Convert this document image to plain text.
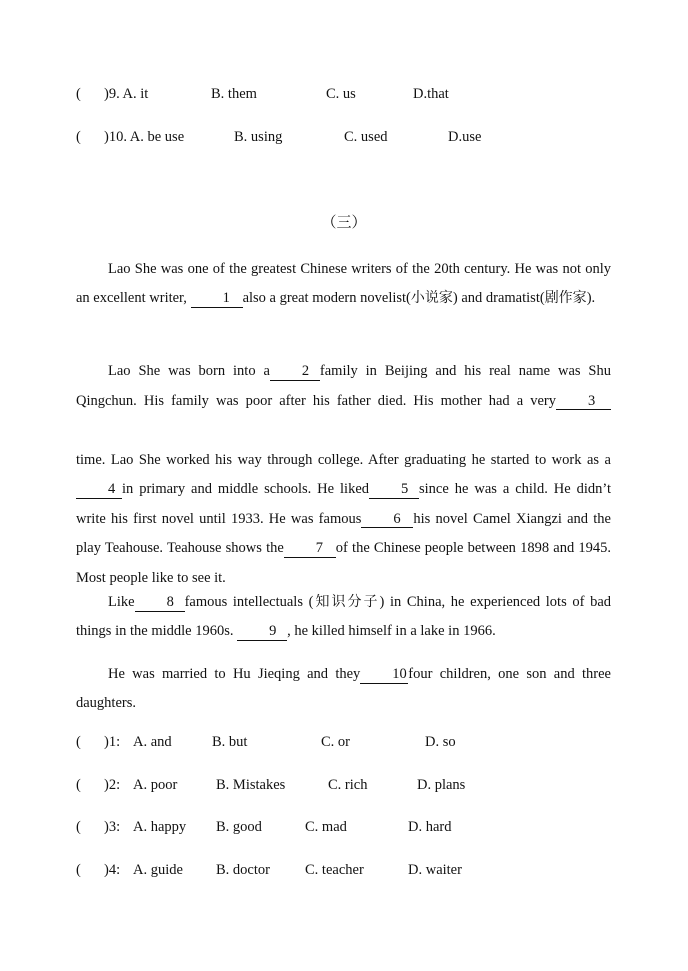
( )9. A. it	B. them	C. us	D.that
( )10. A. be use	B. using	C. used	D.use
（三）

Lao She was one of the greatest Chinese writers of the 20th century. He was not only an excellent writer, 1 also a great modern novelist(小说家) and dramatist(剧作家).

Lao She was born into a 2 family in Beijing and his real name was Shu Qingchun. His family was poor after his father died. His mother had a very 3time. Lao She worked his way through college. After graduating he started to work as a4 in primary and middle schools. He liked 5 since he was a child. He didn’t write his first novel until 1933. He was famous 6 his novel Camel Xiangzi and the play Teahouse. Teahouse shows the 7 of the Chinese people between 1898 and 1945. Most people like to see it.

Like 8 famous intellectuals (知识分子) in China, he experienced lots of bad things in the middle 1960s. 9 , he killed himself in a lake in 1966.

He was married to Hu Jieqing and they 10 four children, one son and three daughters.

( )1: A. and	B. but	C. or	D. so
( )2: A. poor	B. Mistakes	C. rich	D. plans
( )3: A. happy B. good	C. mad	D. hard
( )4: A. guide B. doctor C. teacher	D. waiter
